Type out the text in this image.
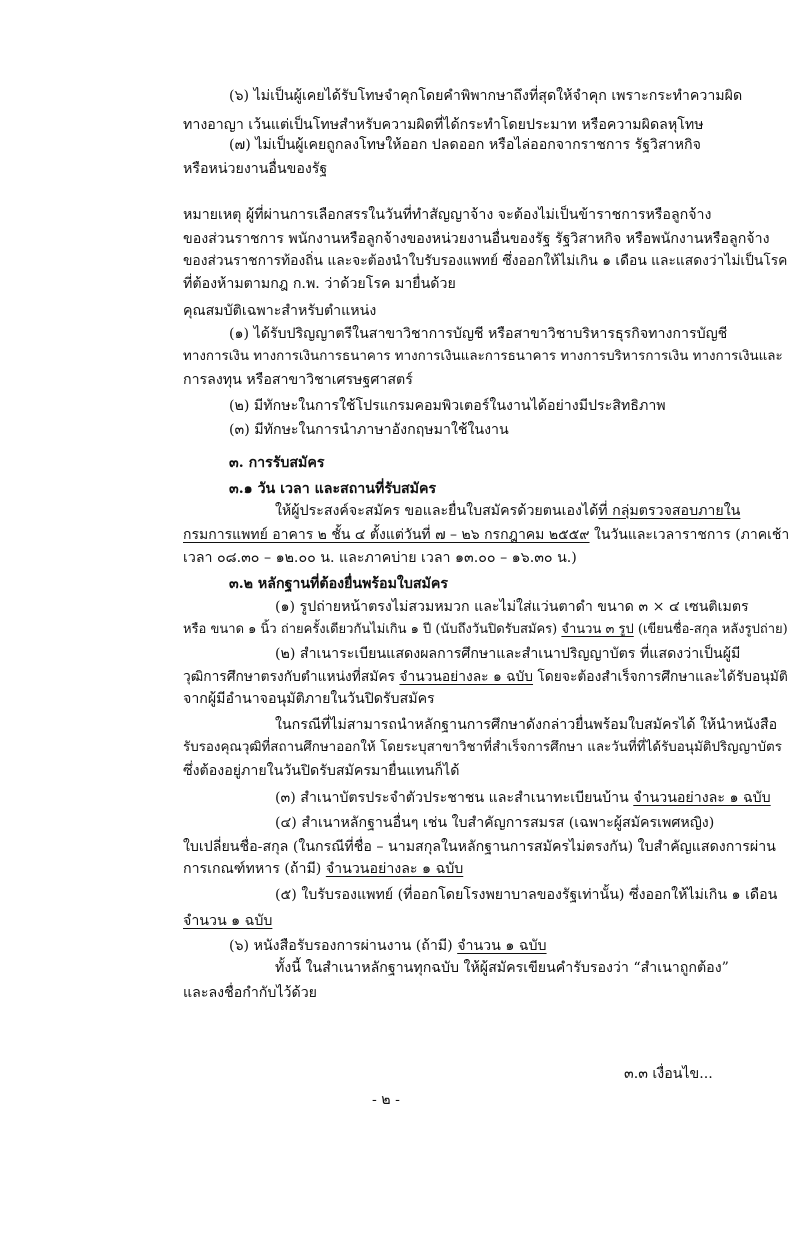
(๖) ไม่เป็นผู้เคยได้รับโทษจำคุกโดยคำพิพากษาถึงที่สุดให้จำคุก เพราะกระทำความผิด
ทางอาญา เว้นแต่เป็นโทษสำหรับความผิดที่ได้กระทำโดยประมาท หรือความผิดลหุโทษ
(๗) ไม่เป็นผู้เคยถูกลงโทษให้ออก ปลดออก หรือไล่ออกจากราชการ รัฐวิสาหกิจ
หรือหน่วยงานอื่นของรัฐ
หมายเหตุ ผู้ที่ผ่านการเลือกสรรในวันที่ทำสัญญาจ้าง จะต้องไม่เป็นข้าราชการหรือลูกจ้าง
ของส่วนราชการ พนักงานหรือลูกจ้างของหน่วยงานอื่นของรัฐ รัฐวิสาหกิจ หรือพนักงานหรือลูกจ้าง
ของส่วนราชการท้องถิ่น และจะต้องนำใบรับรองแพทย์ ซึ่งออกให้ไม่เกิน ๑ เดือน และแสดงว่าไม่เป็นโรค
ที่ต้องห้ามตามกฎ ก.พ. ว่าด้วยโรค มายื่นด้วย
คุณสมบัติเฉพาะสำหรับตำแหน่ง
(๑) ได้รับปริญญาตรีในสาขาวิชาการบัญชี หรือสาขาวิชาบริหารธุรกิจทางการบัญชี
ทางการเงิน ทางการเงินการธนาคาร ทางการเงินและการธนาคาร ทางการบริหารการเงิน ทางการเงินและ
การลงทุน หรือสาขาวิชาเศรษฐศาสตร์
(๒) มีทักษะในการใช้โปรแกรมคอมพิวเตอร์ในงานได้อย่างมีประสิทธิภาพ
(๓) มีทักษะในการนำภาษาอังกฤษมาใช้ในงาน
๓. การรับสมัคร
๓.๑ วัน เวลา และสถานที่รับสมัคร
ให้ผู้ประสงค์จะสมัคร ขอและยื่นใบสมัครด้วยตนเองได้ที่ กลุ่มตรวจสอบภายใน
กรมการแพทย์ อาคาร ๒ ชั้น ๔ ตั้งแต่วันที่ ๗ – ๒๖ กรกฎาคม ๒๕๕๙ ในวันและเวลาราชการ (ภาคเช้า
เวลา ๐๘.๓๐ – ๑๒.๐๐ น. และภาคบ่าย เวลา ๑๓.๐๐ – ๑๖.๓๐ น.)
๓.๒ หลักฐานที่ต้องยื่นพร้อมใบสมัคร
(๑) รูปถ่ายหน้าตรงไม่สวมหมวก และไม่ใส่แว่นตาดำ ขนาด ๓ × ๔ เซนติเมตร
หรือ ขนาด ๑ นิ้ว ถ่ายครั้งเดียวกันไม่เกิน ๑ ปี (นับถึงวันปิดรับสมัคร) จำนวน ๓ รูป (เขียนชื่อ-สกุล หลังรูปถ่าย)
(๒) สำเนาระเบียนแสดงผลการศึกษาและสำเนาปริญญาบัตร ที่แสดงว่าเป็นผู้มี
วุฒิการศึกษาตรงกับตำแหน่งที่สมัคร จำนวนอย่างละ ๑ ฉบับ โดยจะต้องสำเร็จการศึกษาและได้รับอนุมัติ
จากผู้มีอำนาจอนุมัติภายในวันปิดรับสมัคร
ในกรณีที่ไม่สามารถนำหลักฐานการศึกษาดังกล่าวยื่นพร้อมใบสมัครได้ ให้นำหนังสือ
รับรองคุณวุฒิที่สถานศึกษาออกให้ โดยระบุสาขาวิชาที่สำเร็จการศึกษา และวันที่ที่ได้รับอนุมัติปริญญาบัตร
ซึ่งต้องอยู่ภายในวันปิดรับสมัครมายื่นแทนก็ได้
(๓) สำเนาบัตรประจำตัวประชาชน และสำเนาทะเบียนบ้าน จำนวนอย่างละ ๑ ฉบับ
(๔) สำเนาหลักฐานอื่นๆ เช่น ใบสำคัญการสมรส (เฉพาะผู้สมัครเพศหญิง)
ใบเปลี่ยนชื่อ-สกุล (ในกรณีที่ชื่อ – นามสกุลในหลักฐานการสมัครไม่ตรงกัน) ใบสำคัญแสดงการผ่าน
การเกณฑ์ทหาร (ถ้ามี) จำนวนอย่างละ ๑ ฉบับ
(๕) ใบรับรองแพทย์ (ที่ออกโดยโรงพยาบาลของรัฐเท่านั้น) ซึ่งออกให้ไม่เกิน ๑ เดือน
จำนวน ๑ ฉบับ
(๖) หนังสือรับรองการผ่านงาน (ถ้ามี) จำนวน ๑ ฉบับ
ทั้งนี้ ในสำเนาหลักฐานทุกฉบับ ให้ผู้สมัครเขียนคำรับรองว่า “สำเนาถูกต้อง”
และลงชื่อกำกับไว้ด้วย
๓.๓ เงื่อนไข...
- ๒ -
